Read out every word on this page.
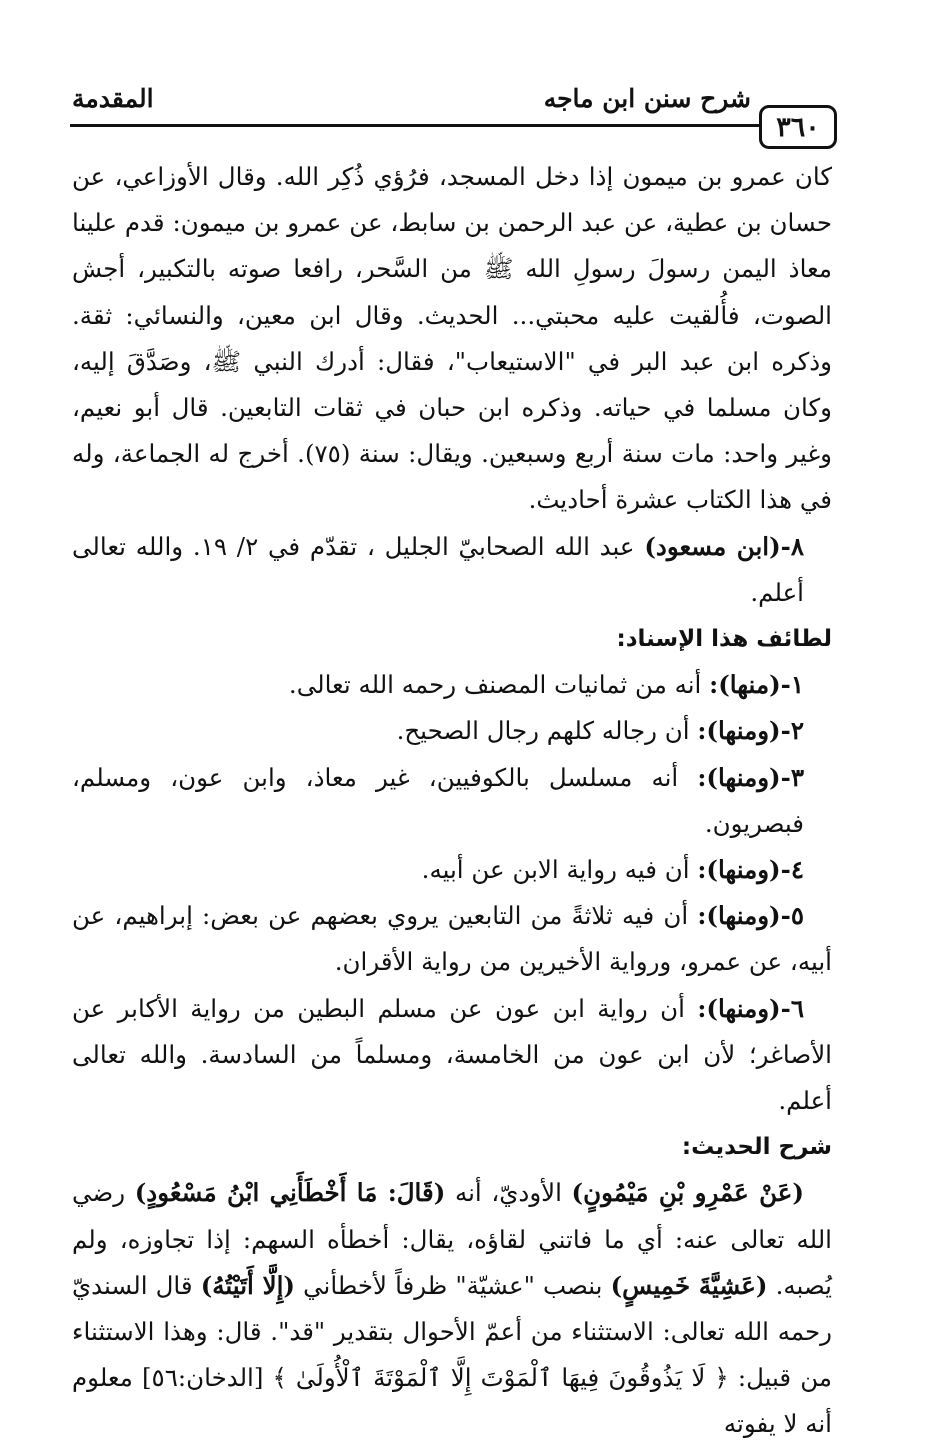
شرح سنن ابن ماجه
المقدمة
٣٦٠

كان عمرو بن ميمون إذا دخل المسجد، فرُؤي ذُكِر الله. وقال الأوزاعي، عن حسان بن عطية، عن عبد الرحمن بن سابط، عن عمرو بن ميمون: قدم علينا معاذ اليمن رسولَ رسولِ الله ﷺ من السَّحر، رافعا صوته بالتكبير، أجش الصوت، فأُلقيت عليه محبتي... الحديث. وقال ابن معين، والنسائي: ثقة. وذكره ابن عبد البر في "الاستيعاب"، فقال: أدرك النبي ﷺ، وصَدَّقَ إليه، وكان مسلما في حياته. وذكره ابن حبان في ثقات التابعين. قال أبو نعيم، وغير واحد: مات سنة أربع وسبعين. ويقال: سنة (٧٥). أخرج له الجماعة، وله في هذا الكتاب عشرة أحاديث.

٨-(ابن مسعود) عبد الله الصحابيّ الجليل ، تقدّم في ٢/ ١٩. والله تعالى أعلم.

لطائف هذا الإسناد:

١-(منها): أنه من ثمانيات المصنف رحمه الله تعالى.

٢-(ومنها): أن رجاله كلهم رجال الصحيح.

٣-(ومنها): أنه مسلسل بالكوفيين، غير معاذ، وابن عون، ومسلم، فبصريون.

٤-(ومنها): أن فيه رواية الابن عن أبيه.

٥-(ومنها): أن فيه ثلاثةً من التابعين يروي بعضهم عن بعض: إبراهيم، عن أبيه، عن عمرو، ورواية الأخيرين من رواية الأقران.

٦-(ومنها): أن رواية ابن عون عن مسلم البطين من رواية الأكابر عن الأصاغر؛ لأن ابن عون من الخامسة، ومسلماً من السادسة. والله تعالى أعلم.

شرح الحديث:

(عَنْ عَمْرِو بْنِ مَيْمُونٍ) الأوديّ، أنه (قَالَ: مَا أَخْطَأَنِي ابْنُ مَسْعُودٍ) رضي الله تعالى عنه: أي ما فاتني لقاؤه، يقال: أخطأه السهم: إذا تجاوزه، ولم يُصبه. (عَشِيَّةَ خَمِيسٍ) بنصب "عشيّة" ظرفاً لأخطأني (إِلَّا أَتَيْتُهُ) قال السنديّ رحمه الله تعالى: الاستثناء من أعمّ الأحوال بتقدير "قد". قال: وهذا الاستثناء من قبيل: ﴿ لَا يَذُوقُونَ فِيهَا ٱلْمَوْتَ إِلَّا ٱلْمَوْتَةَ ٱلْأُولَىٰ ﴾ [الدخان:٥٦] معلوم أنه لا يفوته
